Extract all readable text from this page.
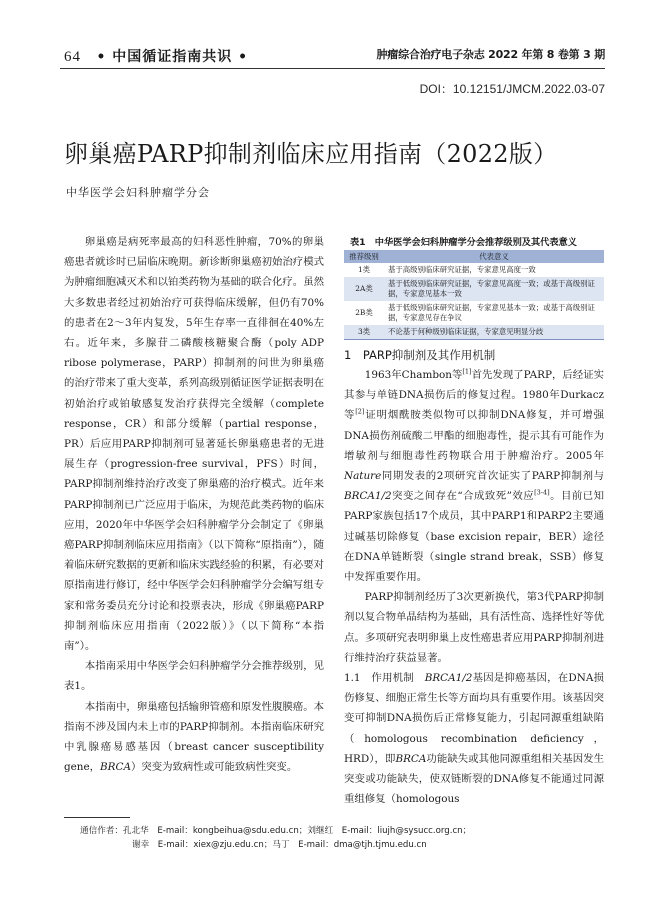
64 • 中国循证指南共识 •	肿瘤综合治疗电子杂志 2022 年第 8 卷第 3 期
DOI：10.12151/JMCM.2022.03-07
卵巢癌PARP抑制剂临床应用指南（2022版）
中华医学会妇科肿瘤学分会

卵巢癌是病死率最高的妇科恶性肿瘤，70%的卵巢癌患者就诊时已届临床晚期。新诊断卵巢癌初始治疗模式为肿瘤细胞减灭术和以铂类药物为基础的联合化疗。虽然大多数患者经过初始治疗可获得临床缓解，但仍有70%的患者在2～3年内复发，5年生存率一直徘徊在40%左右。近年来，多腺苷二磷酸核糖聚合酶（poly ADP ribose polymerase，PARP）抑制剂的问世为卵巢癌的治疗带来了重大变革，系列高级别循证医学证据表明在初始治疗或铂敏感复发治疗获得完全缓解（complete response，CR）和部分缓解（partial response，PR）后应用PARP抑制剂可显著延长卵巢癌患者的无进展生存（progression-free survival，PFS）时间，PARP抑制剂维持治疗改变了卵巢癌的治疗模式。近年来PARP抑制剂已广泛应用于临床，为规范此类药物的临床应用，2020年中华医学会妇科肿瘤学分会制定了《卵巢癌PARP抑制剂临床应用指南》（以下简称“原指南”），随着临床研究数据的更新和临床实践经验的积累，有必要对原指南进行修订，经中华医学会妇科肿瘤学分会编写组专家和常务委员充分讨论和投票表决，形成《卵巢癌PARP抑制剂临床应用指南（2022版）》（以下简称“本指南”）。

本指南采用中华医学会妇科肿瘤学分会推荐级别，见表1。

本指南中，卵巢癌包括输卵管癌和原发性腹膜癌。本指南不涉及国内未上市的PARP抑制剂。本指南临床研究中乳腺癌易感基因（breast cancer susceptibility gene，BRCA）突变为致病性或可能致病性突变。

表1　中华医学会妇科肿瘤学分会推荐级别及其代表意义
推荐级别	代表意义
1类	基于高级别临床研究证据，专家意见高度一致
2A类	基于低级别临床研究证据，专家意见高度一致；或基于高级别证据，专家意见基本一致
2B类	基于低级别临床研究证据，专家意见基本一致；或基于高级别证据，专家意见存在争议
3类	不论基于何种级别临床证据，专家意见明显分歧
1　PARP抑制剂及其作用机制

1963年Chambon等[1]首先发现了PARP，后经证实其参与单链DNA损伤后的修复过程。1980年Durkacz等[2]证明烟酰胺类似物可以抑制DNA修复，并可增强DNA损伤剂硫酸二甲酯的细胞毒性，提示其有可能作为增敏剂与细胞毒性药物联合用于肿瘤治疗。2005年Nature同期发表的2项研究首次证实了PARP抑制剂与BRCA1/2突变之间存在“合成致死”效应[3-4]。目前已知PARP家族包括17个成员，其中PARP1和PARP2主要通过碱基切除修复（base excision repair，BER）途径在DNA单链断裂（single strand break，SSB）修复中发挥重要作用。

PARP抑制剂经历了3次更新换代，第3代PARP抑制剂以复合物单晶结构为基础，具有活性高、选择性好等优点。多项研究表明卵巢上皮性癌患者应用PARP抑制剂进行维持治疗获益显著。

1.1　作用机制　 BRCA1/2基因是抑癌基因，在DNA损伤修复、细胞正常生长等方面均具有重要作用。该基因突变可抑制DNA损伤后正常修复能力，引起同源重组缺陷（homologous recombination deficiency，HRD），即BRCA功能缺失或其他同源重组相关基因发生突变或功能缺失，使双链断裂的DNA修复不能通过同源重组修复（homologous

通信作者：孔北华　E-mail：kongbeihua@sdu.edu.cn；刘继红　E-mail：liujh@sysucc.org.cn；
谢幸　E-mail：xiex@zju.edu.cn；马丁　E-mail：dma@tjh.tjmu.edu.cn
